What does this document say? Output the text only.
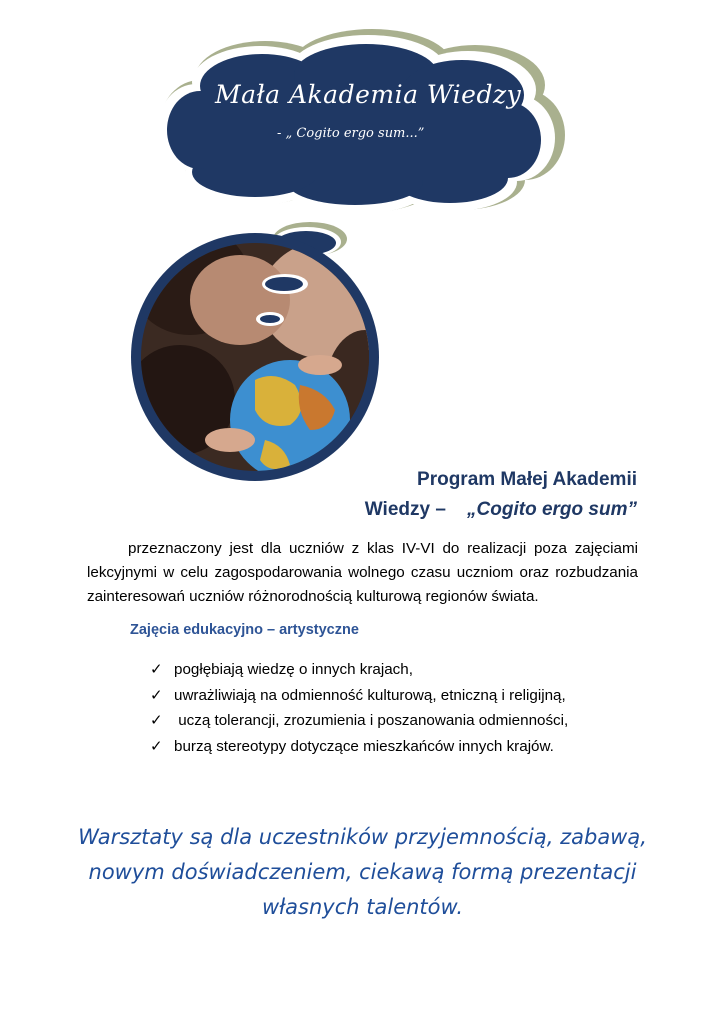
Mała Akademia Wiedzy
- „ Cogito ergo sum...”
Program Małej Akademii
Wiedzy – „Cogito ergo sum”

przeznaczony jest dla uczniów z klas IV-VI do realizacji poza zajęciami lekcyjnymi w celu zagospodarowania wolnego czasu uczniom oraz rozbudzania zainteresowań uczniów różnorodnością kulturową regionów świata.

Zajęcia edukacyjno – artystyczne
✓ pogłębiają wiedzę o innych krajach,
✓ uwrażliwiają na odmienność kulturową, etniczną i religijną,
✓ uczą tolerancji, zrozumienia i poszanowania odmienności,
✓ burzą stereotypy dotyczące mieszkańców innych krajów.
Warsztaty są dla uczestników przyjemnością, zabawą,
nowym doświadczeniem, ciekawą formą prezentacji
własnych talentów.
